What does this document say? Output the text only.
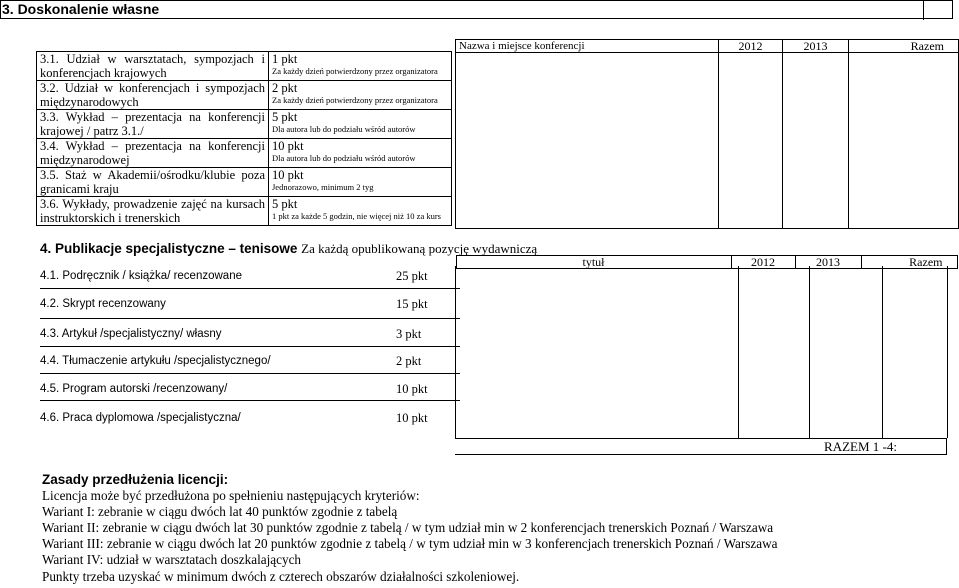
3. Doskonalenie własne
3.1. Udział w warsztatach, sympozjach i konferencjach krajowych	1 pkt
Za każdy dzień potwierdzony przez organizatora

3.2. Udział w konferencjach i sympozjach międzynarodowych	2 pkt
Za każdy dzień potwierdzony przez organizatora

3.3. Wykład – prezentacja na konferencji krajowej / patrz 3.1./	5 pkt
Dla autora lub do podziału wśród autorów

3.4. Wykład – prezentacja na konferencji międzynarodowej	10 pkt
Dla autora lub do podziału wśród autorów

3.5. Staż w Akademii/ośrodku/klubie poza granicami kraju	10 pkt
Jednorazowo, minimum 2 tyg

3.6. Wykłady, prowadzenie zajęć na kursach instruktorskich i trenerskich	5 pkt
1 pkt za każde 5 godzin, nie więcej niż 10 za kurs
Nazwa i miejsce konferencji	2012	2013	Razem

4. Publikacje specjalistyczne – tenisowe Za każdą opublikowaną pozycję wydawniczą
	tytuł	2012	2013	Razem
4.1. Podręcznik / książka/ recenzowane	25 pkt
4.2. Skrypt recenzowany	15 pkt
4.3. Artykuł /specjalistyczny/ własny	3 pkt
4.4. Tłumaczenie artykułu /specjalistycznego/	2 pkt
4.5. Program autorski /recenzowany/	10 pkt
4.6. Praca dyplomowa /specjalistyczna/	10 pkt
RAZEM 1 -4:
Zasady przedłużenia licencji:
Licencja może być przedłużona po spełnieniu następujących kryteriów:
Wariant I: zebranie w ciągu dwóch lat 40 punktów zgodnie z tabelą
Wariant II: zebranie w ciągu dwóch lat 30 punktów zgodnie z tabelą / w tym udział min w 2 konferencjach trenerskich Poznań / Warszawa
Wariant III: zebranie w ciągu dwóch lat 20 punktów zgodnie z tabelą / w tym udział min w 3 konferencjach trenerskich Poznań / Warszawa
Wariant IV: udział w warsztatach doszkalających
Punkty trzeba uzyskać w minimum dwóch z czterech obszarów działalności szkoleniowej.
